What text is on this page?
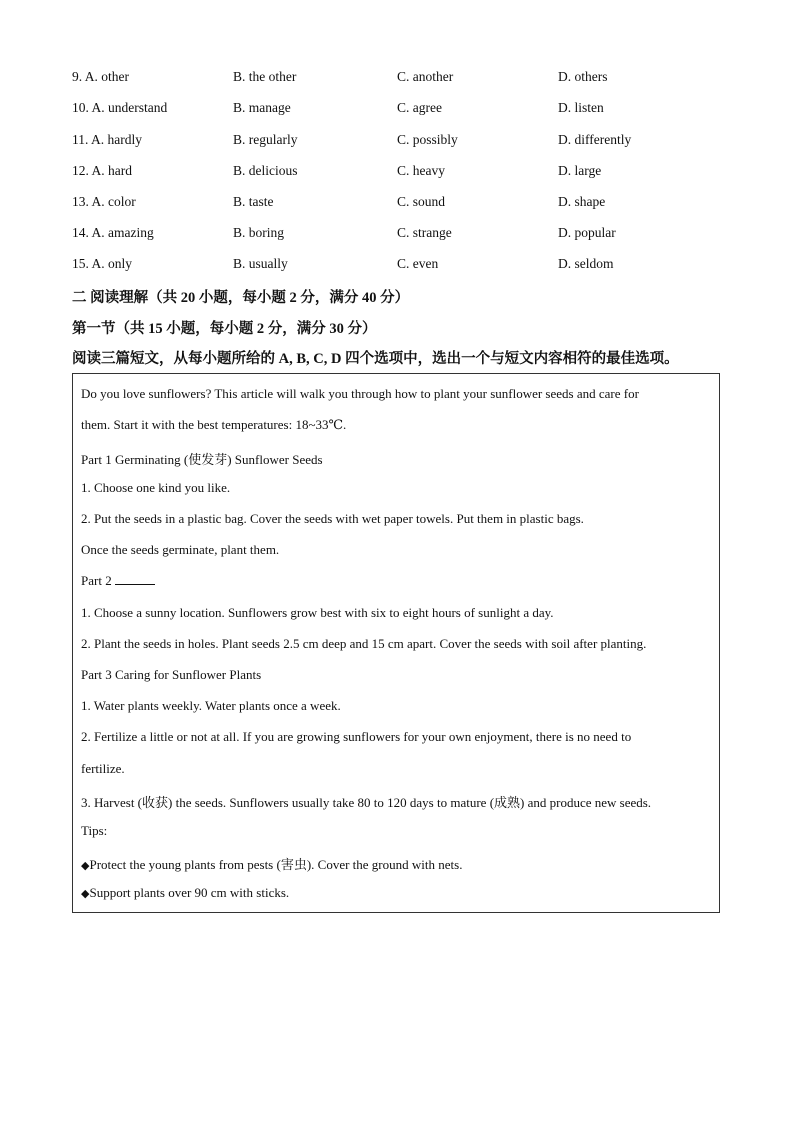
9. A. other	B. the other	C. another	D. others
10. A. understand	B. manage	C. agree	D. listen
11. A. hardly	B. regularly	C. possibly	D. differently
12. A. hard	B. delicious	C. heavy	D. large
13. A. color	B. taste	C. sound	D. shape
14. A. amazing	B. boring	C. strange	D. popular
15. A. only	B. usually	C. even	D. seldom
二 阅读理解（共 20 小题，每小题 2 分，满分 40 分）
第一节（共 15 小题，每小题 2 分，满分 30 分）
阅读三篇短文，从每小题所给的 A, B, C, D 四个选项中，选出一个与短文内容相符的最佳选项。
Do you love sunflowers? This article will walk you through how to plant your sunflower seeds and care for
them. Start it with the best temperatures: 18~33℃.
Part 1 Germinating (使发芽) Sunflower Seeds
1. Choose one kind you like.
2. Put the seeds in a plastic bag. Cover the seeds with wet paper towels. Put them in plastic bags.
Once the seeds germinate, plant them.
Part 2
1. Choose a sunny location. Sunflowers grow best with six to eight hours of sunlight a day.
2. Plant the seeds in holes. Plant seeds 2.5 cm deep and 15 cm apart. Cover the seeds with soil after planting.
Part 3 Caring for Sunflower Plants
1. Water plants weekly. Water plants once a week.
2. Fertilize a little or not at all. If you are growing sunflowers for your own enjoyment, there is no need to
fertilize.
3. Harvest (收获) the seeds. Sunflowers usually take 80 to 120 days to mature (成熟) and produce new seeds.
Tips:
◆Protect the young plants from pests (害虫). Cover the ground with nets.
◆Support plants over 90 cm with sticks.
